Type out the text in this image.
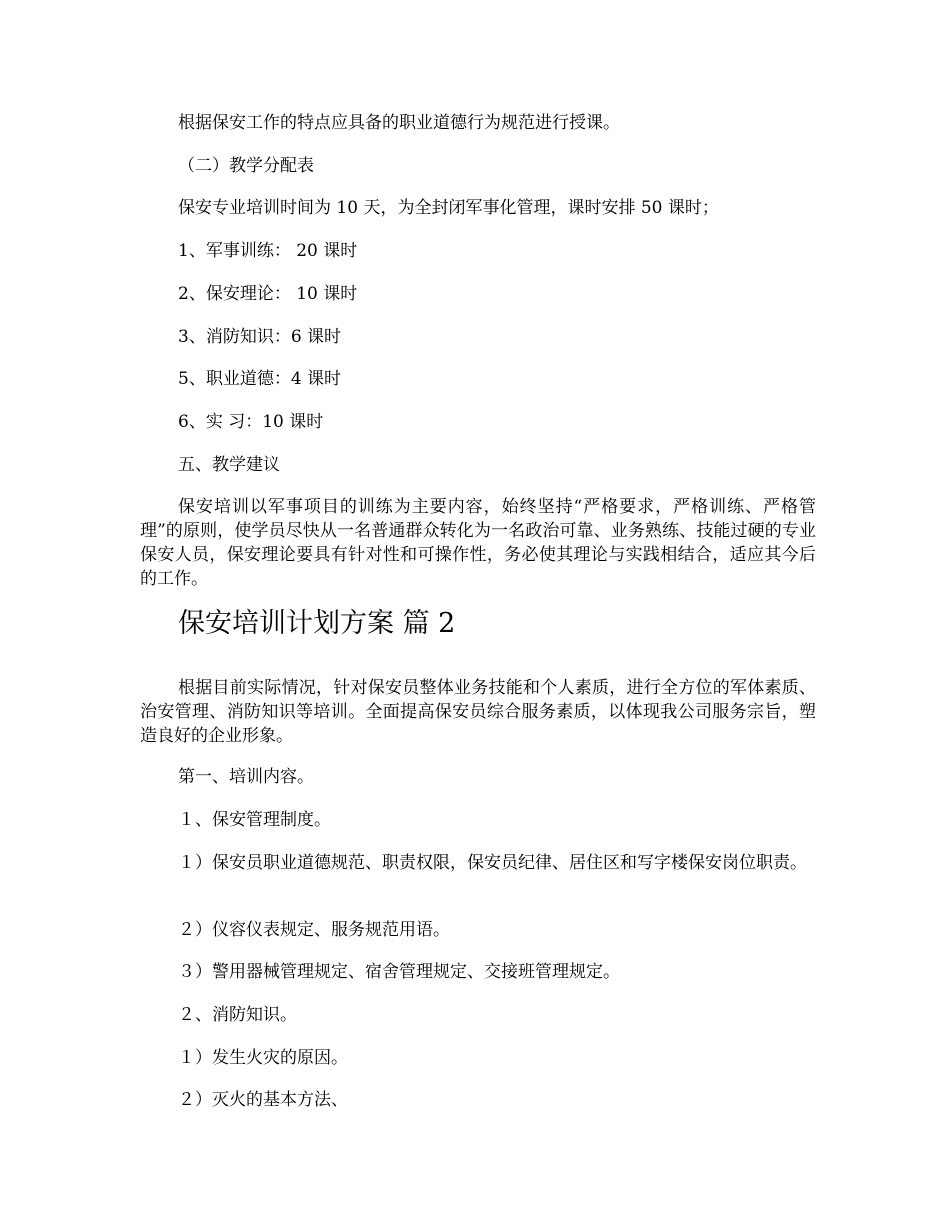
根据保安工作的特点应具备的职业道德行为规范进行授课。
（二）教学分配表
保安专业培训时间为 10 天，为全封闭军事化管理，课时安排 50 课时；
1、军事训练： 20 课时
2、保安理论： 10 课时
3、消防知识：6 课时
5、职业道德：4 课时
6、实 习：10 课时
五、教学建议
保安培训以军事项目的训练为主要内容，始终坚持“严格要求，严格训练、严格管理”的原则，使学员尽快从一名普通群众转化为一名政治可靠、业务熟练、技能过硬的专业保安人员，保安理论要具有针对性和可操作性，务必使其理论与实践相结合，适应其今后的工作。
保安培训计划方案 篇 2
根据目前实际情况，针对保安员整体业务技能和个人素质，进行全方位的军体素质、治安管理、消防知识等培训。全面提高保安员综合服务素质，以体现我公司服务宗旨，塑造良好的企业形象。
第一、培训内容。
１、保安管理制度。
１）保安员职业道德规范、职责权限，保安员纪律、居住区和写字楼保安岗位职责。
２）仪容仪表规定、服务规范用语。
３）警用器械管理规定、宿舍管理规定、交接班管理规定。
２、消防知识。
１）发生火灾的原因。
２）灭火的基本方法、
